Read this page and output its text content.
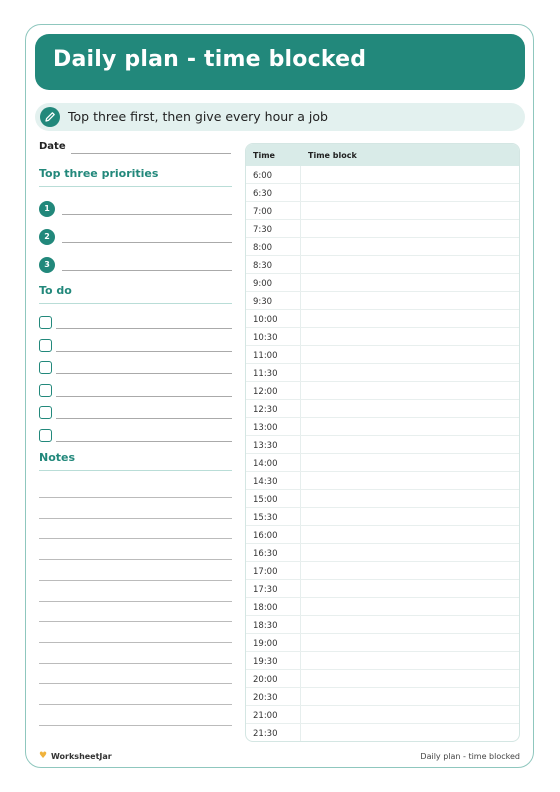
Daily plan - time blocked
Top three first, then give every hour a job
Date
Top three priorities
1
2
3
To do
Notes
Time	Time block
6:00
6:30
7:00
7:30
8:00
8:30
9:00
9:30
10:00
10:30
11:00
11:30
12:00
12:30
13:00
13:30
14:00
14:30
15:00
15:30
16:00
16:30
17:00
17:30
18:00
18:30
19:00
19:30
20:00
20:30
21:00
21:30
♥ WorksheetJar	Daily plan - time blocked
